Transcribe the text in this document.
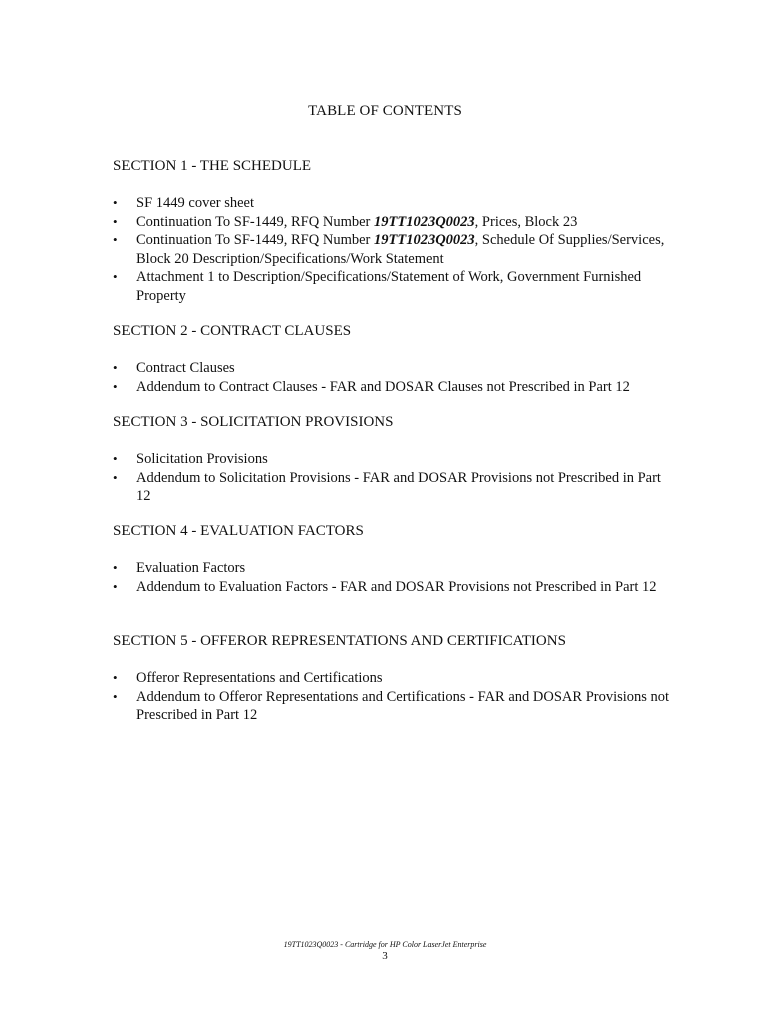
TABLE OF CONTENTS
SECTION 1 - THE SCHEDULE
• SF 1449 cover sheet
• Continuation To SF-1449, RFQ Number 19TT1023Q0023, Prices, Block 23
• Continuation To SF-1449, RFQ Number 19TT1023Q0023, Schedule Of Supplies/Services, Block 20 Description/Specifications/Work Statement
• Attachment 1 to Description/Specifications/Statement of Work, Government Furnished Property
SECTION 2 - CONTRACT CLAUSES
• Contract Clauses
• Addendum to Contract Clauses - FAR and DOSAR Clauses not Prescribed in Part 12
SECTION 3 - SOLICITATION PROVISIONS
• Solicitation Provisions
• Addendum to Solicitation Provisions - FAR and DOSAR Provisions not Prescribed in Part 12
SECTION 4 - EVALUATION FACTORS
• Evaluation Factors
• Addendum to Evaluation Factors - FAR and DOSAR Provisions not Prescribed in Part 12
SECTION 5 - OFFEROR REPRESENTATIONS AND CERTIFICATIONS
• Offeror Representations and Certifications
• Addendum to Offeror Representations and Certifications - FAR and DOSAR Provisions not Prescribed in Part 12
19TT1023Q0023 - Cartridge for HP Color LaserJet Enterprise
3
